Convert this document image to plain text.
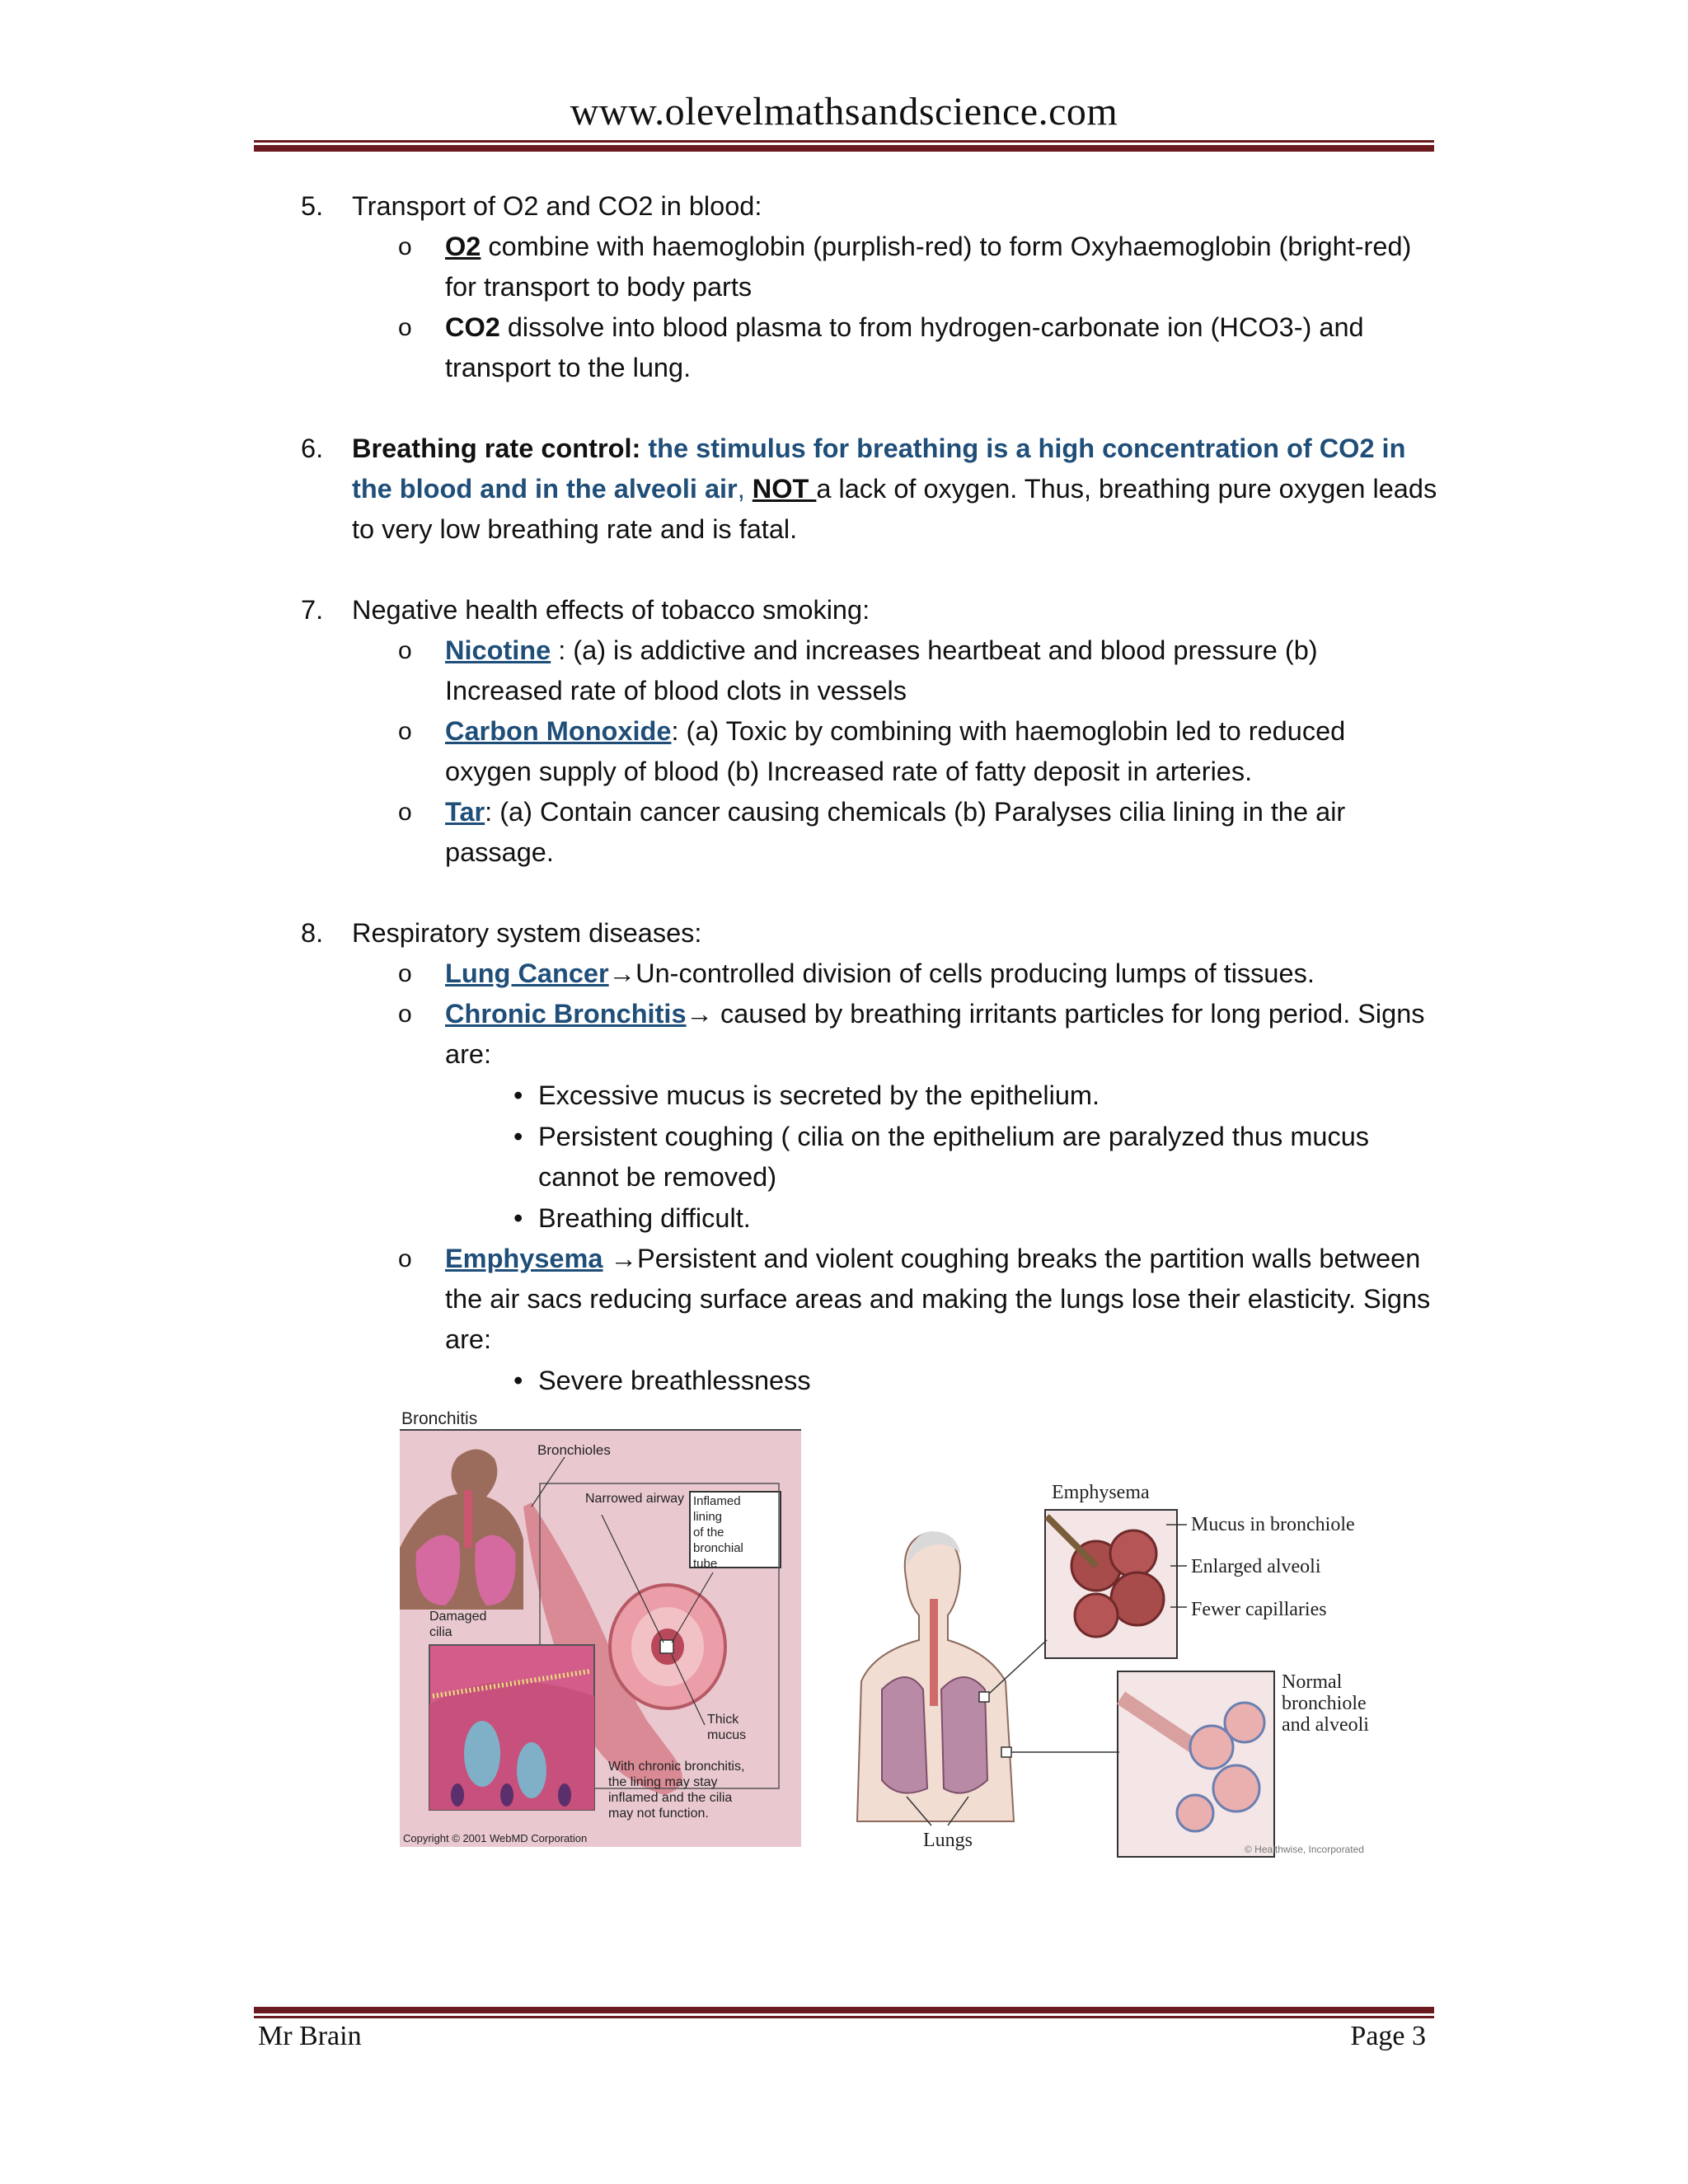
www.olevelmathsandscience.com
5. Transport of O2 and CO2 in blood:
o O2 combine with haemoglobin (purplish-red) to form Oxyhaemoglobin (bright-red) for transport to body parts
o CO2 dissolve into blood plasma to from hydrogen-carbonate ion (HCO3-) and transport to the lung.
6. Breathing rate control: the stimulus for breathing is a high concentration of CO2 in the blood and in the alveoli air, NOT a lack of oxygen. Thus, breathing pure oxygen leads to very low breathing rate and is fatal.
7. Negative health effects of tobacco smoking:
o Nicotine : (a) is addictive and increases heartbeat and blood pressure (b) Increased rate of blood clots in vessels
o Carbon Monoxide: (a) Toxic by combining with haemoglobin led to reduced oxygen supply of blood (b) Increased rate of fatty deposit in arteries.
o Tar: (a) Contain cancer causing chemicals (b) Paralyses cilia lining in the air passage.
8. Respiratory system diseases:
o Lung Cancer→Un-controlled division of cells producing lumps of tissues.
o Chronic Bronchitis→ caused by breathing irritants particles for long period. Signs are:
• Excessive mucus is secreted by the epithelium.
• Persistent coughing ( cilia on the epithelium are paralyzed thus mucus cannot be removed)
• Breathing difficult.
o Emphysema →Persistent and violent coughing breaks the partition walls between the air sacs reducing surface areas and making the lungs lose their elasticity. Signs are:
• Severe breathlessness
Bronchitis
Bronchioles
Narrowed airway Inflamed lining of the bronchial tube
Damaged cilia
Thick mucus
With chronic bronchitis, the lining may stay inflamed and the cilia may not function.
Copyright © 2001 WebMD Corporation
Emphysema
Mucus in bronchiole
Enlarged alveoli
Fewer capillaries
Normal
bronchiole
and alveoli
Lungs	© Healthwise, Incorporated
Mr Brain	Page 3
